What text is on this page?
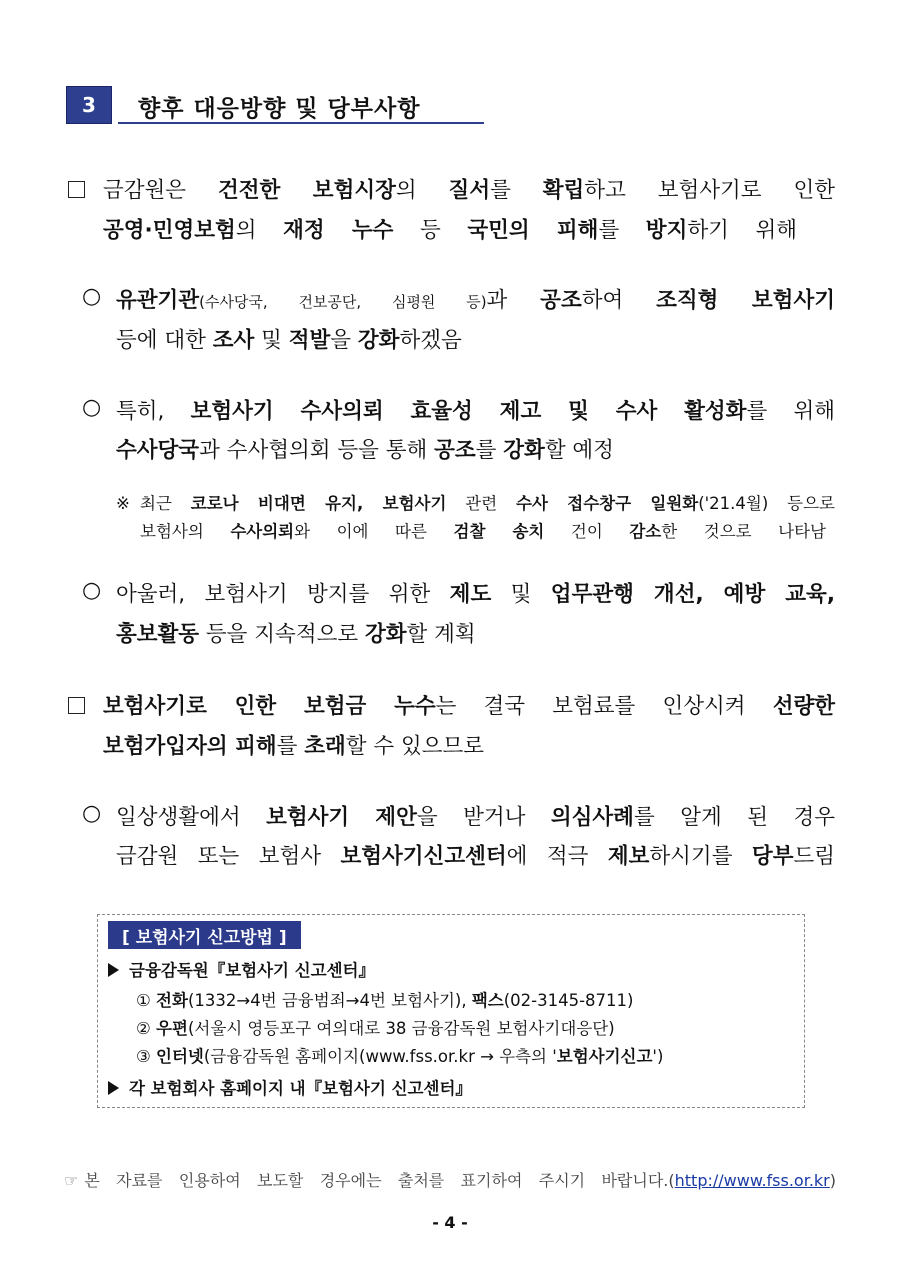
3	향후 대응방향 및 당부사항
금감원은 건전한 보험시장의 질서를 확립하고 보험사기로 인한
공영·민영보험의 재정 누수 등 국민의 피해를 방지하기 위해
○ 유관기관(수사당국, 건보공단, 심평원 등)과 공조하여 조직형 보험사기
등에 대한 조사 및 적발을 강화하겠음
○ 특히, 보험사기 수사의뢰 효율성 제고 및 수사 활성화를 위해
수사당국과 수사협의회 등을 통해 공조를 강화할 예정
※ 최근 코로나 비대면 유지, 보험사기 관련 수사 접수창구 일원화('21.4월) 등으로
보험사의 수사의뢰와 이에 따른 검찰 송치 건이 감소한 것으로 나타남
○ 아울러, 보험사기 방지를 위한 제도 및 업무관행 개선, 예방 교육,
홍보활동 등을 지속적으로 강화할 계획
보험사기로 인한 보험금 누수는 결국 보험료를 인상시켜 선량한
보험가입자의 피해를 초래할 수 있으므로
○ 일상생활에서 보험사기 제안을 받거나 의심사례를 알게 된 경우
금감원 또는 보험사 보험사기신고센터에 적극 제보하시기를 당부드림
[ 보험사기 신고방법 ]
금융감독원『보험사기 신고센터』
① 전화(1332→4번 금융범죄→4번 보험사기), 팩스(02-3145-8711)
② 우편(서울시 영등포구 여의대로 38 금융감독원 보험사기대응단)
③ 인터넷(금융감독원 홈페이지(www.fss.or.kr → 우측의 '보험사기신고')
각 보험회사 홈페이지 내『보험사기 신고센터』
☞ 본 자료를 인용하여 보도할 경우에는 출처를 표기하여 주시기 바랍니다.(http://www.fss.or.kr)
- 4 -
